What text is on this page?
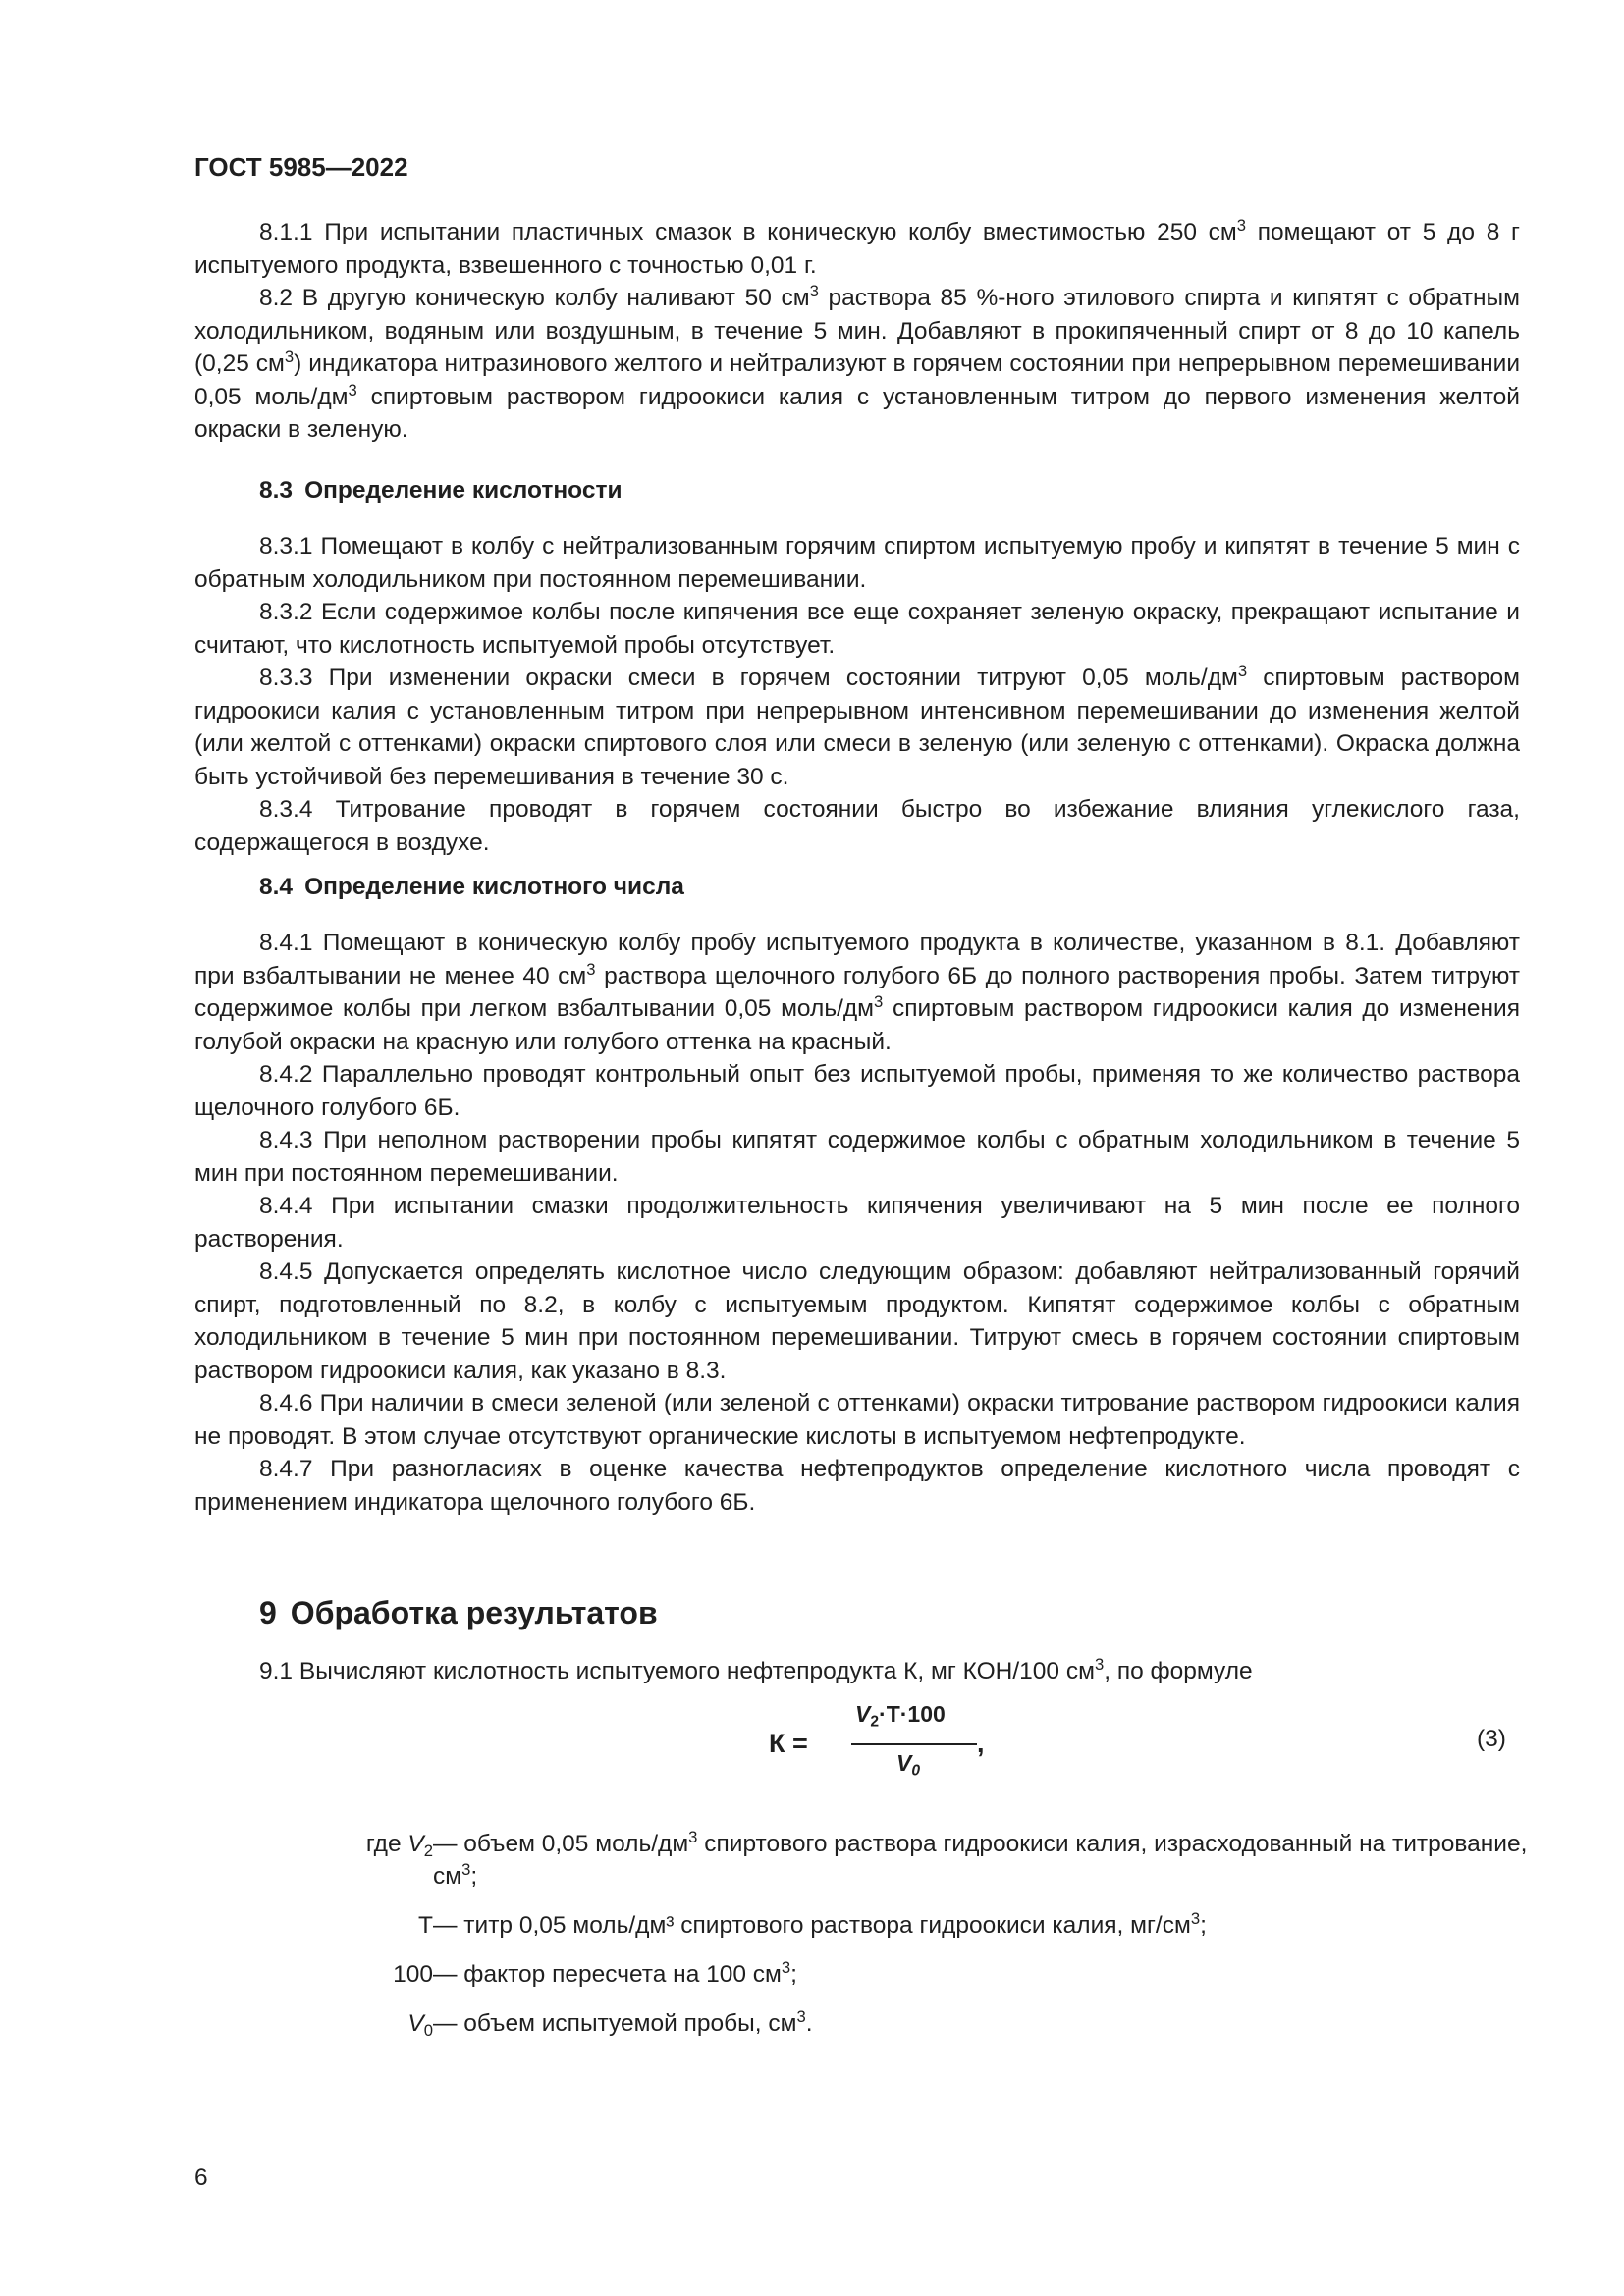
ГОСТ 5985—2022

8.1.1 При испытании пластичных смазок в коническую колбу вместимостью 250 $см^3$ помещают от 5 до 8 г испытуемого продукта, взвешенного с точностью 0,01 г.

8.2 В другую коническую колбу наливают 50 $см^3$ раствора 85 %-ного этилового спирта и кипятят с обратным холодильником, водяным или воздушным, в течение 5 мин. Добавляют в прокипяченный спирт от 8 до 10 капель (0,25 $см^3$) индикатора нитразинового желтого и нейтрализуют в горячем состоянии при непрерывном перемешивании 0,05 моль/$дм^3$ спиртовым раствором гидроокиси калия с установленным титром до первого изменения желтой окраски в зеленую.

8.3 Определение кислотности

8.3.1 Помещают в колбу с нейтрализованным горячим спиртом испытуемую пробу и кипятят в течение 5 мин с обратным холодильником при постоянном перемешивании.

8.3.2 Если содержимое колбы после кипячения все еще сохраняет зеленую окраску, прекращают испытание и считают, что кислотность испытуемой пробы отсутствует.

8.3.3 При изменении окраски смеси в горячем состоянии титруют 0,05 моль/$дм^3$ спиртовым раствором гидроокиси калия с установленным титром при непрерывном интенсивном перемешивании до изменения желтой (или желтой с оттенками) окраски спиртового слоя или смеси в зеленую (или зеленую с оттенками). Окраска должна быть устойчивой без перемешивания в течение 30 с.

8.3.4 Титрование проводят в горячем состоянии быстро во избежание влияния углекислого газа, содержащегося в воздухе.

8.4 Определение кислотного числа

8.4.1 Помещают в коническую колбу пробу испытуемого продукта в количестве, указанном в 8.1. Добавляют при взбалтывании не менее 40 $см^3$ раствора щелочного голубого 6Б до полного растворения пробы. Затем титруют содержимое колбы при легком взбалтывании 0,05 моль/$дм^3$ спиртовым раствором гидроокиси калия до изменения голубой окраски на красную или голубого оттенка на красный.

8.4.2 Параллельно проводят контрольный опыт без испытуемой пробы, применяя то же количество раствора щелочного голубого 6Б.

8.4.3 При неполном растворении пробы кипятят содержимое колбы с обратным холодильником в течение 5 мин при постоянном перемешивании.

8.4.4 При испытании смазки продолжительность кипячения увеличивают на 5 мин после ее полного растворения.

8.4.5 Допускается определять кислотное число следующим образом: добавляют нейтрализованный горячий спирт, подготовленный по 8.2, в колбу с испытуемым продуктом. Кипятят содержимое колбы с обратным холодильником в течение 5 мин при постоянном перемешивании. Титруют смесь в горячем состоянии спиртовым раствором гидроокиси калия, как указано в 8.3.

8.4.6 При наличии в смеси зеленой (или зеленой с оттенками) окраски титрование раствором гидроокиси калия не проводят. В этом случае отсутствуют органические кислоты в испытуемом нефтепродукте.

8.4.7 При разногласиях в оценке качества нефтепродуктов определение кислотного числа проводят с применением индикатора щелочного голубого 6Б.

9 Обработка результатов

9.1 Вычисляют кислотность испытуемого нефтепродукта К, мг КОН/100 $см^3$, по формуле

К =
$V_2\cdot Т\cdot 100$
$V_0$
,	(3)
где $V_2$ — объем 0,05 моль/$дм^3$ спиртового раствора гидроокиси калия, израсходованный на титрование, $см^3$;
Т — титр 0,05 моль/дм³ спиртового раствора гидроокиси калия, $мг/см^3$;
100 — фактор пересчета на 100 $см^3$;
$V_0$ — объем испытуемой пробы, $см^3$.
6
